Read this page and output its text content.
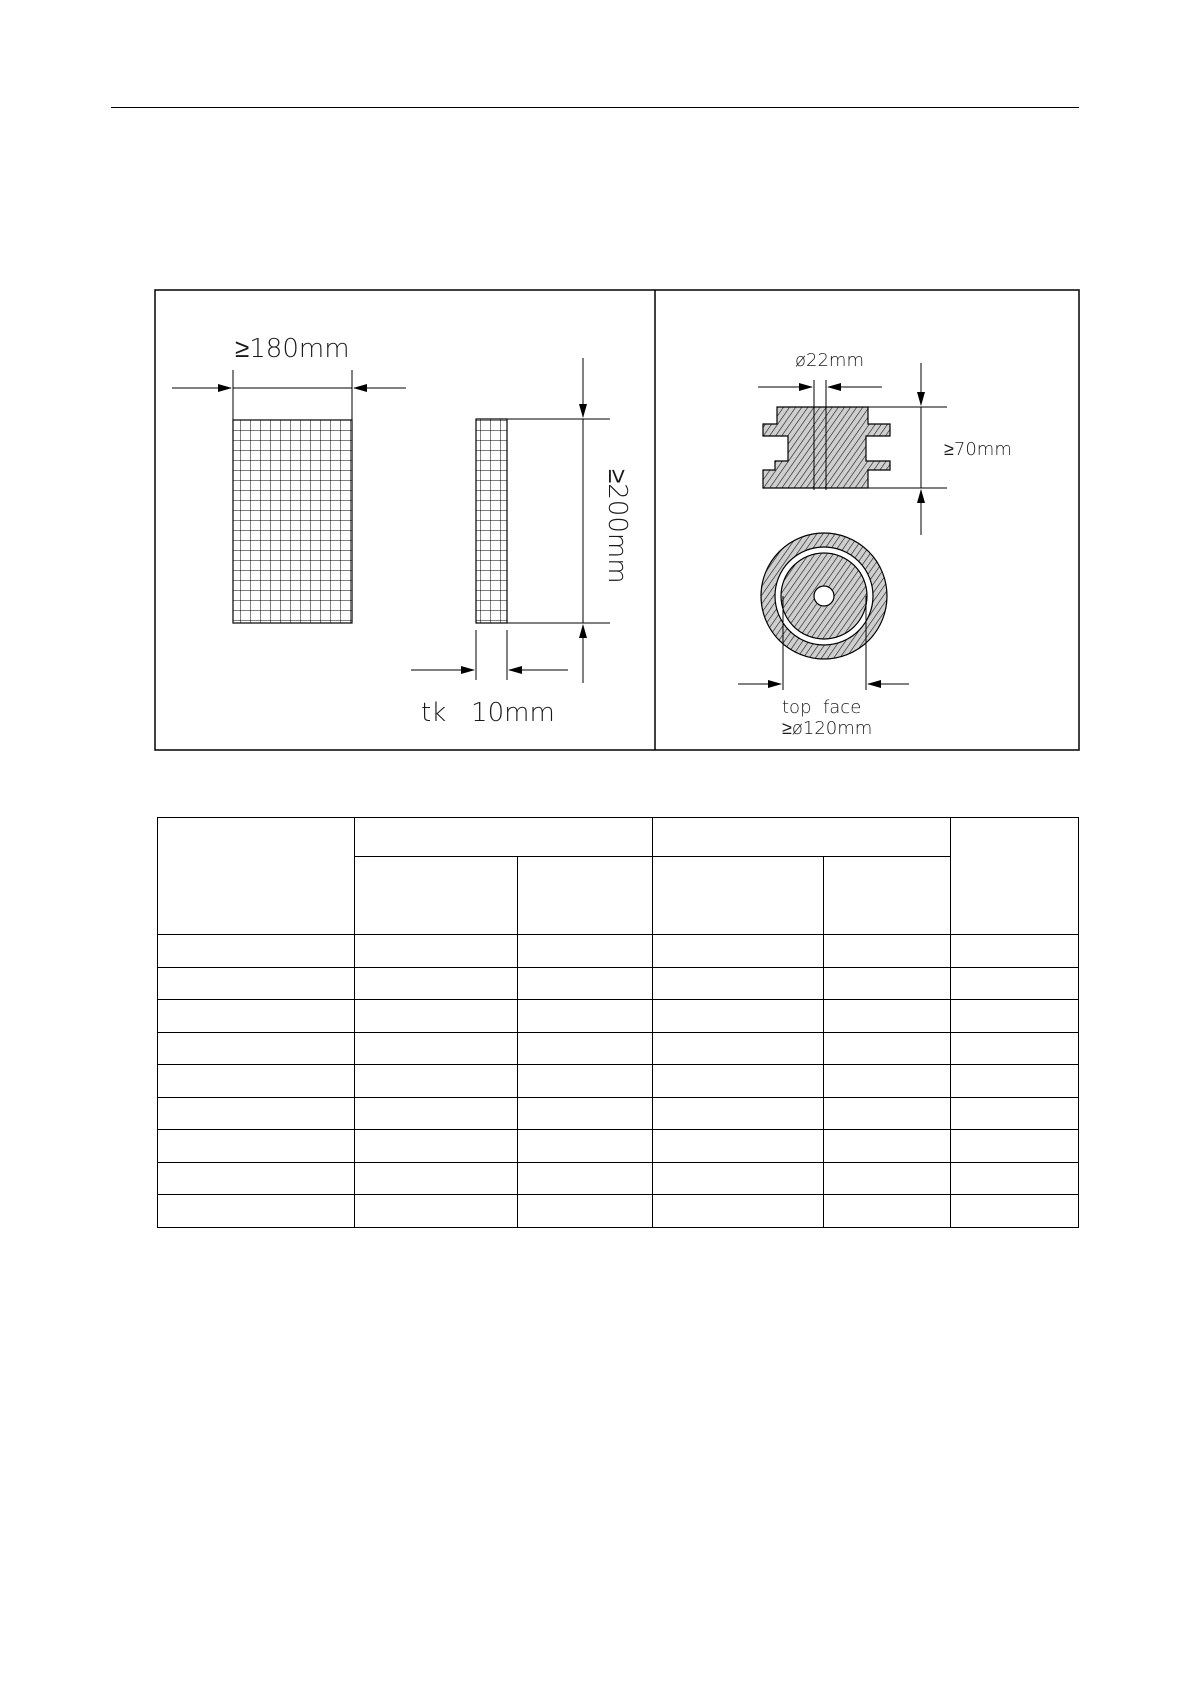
≥180mm
≥200mm
tk   10mm
ø22mm
≥70mm
top  face
≥ø120mm
